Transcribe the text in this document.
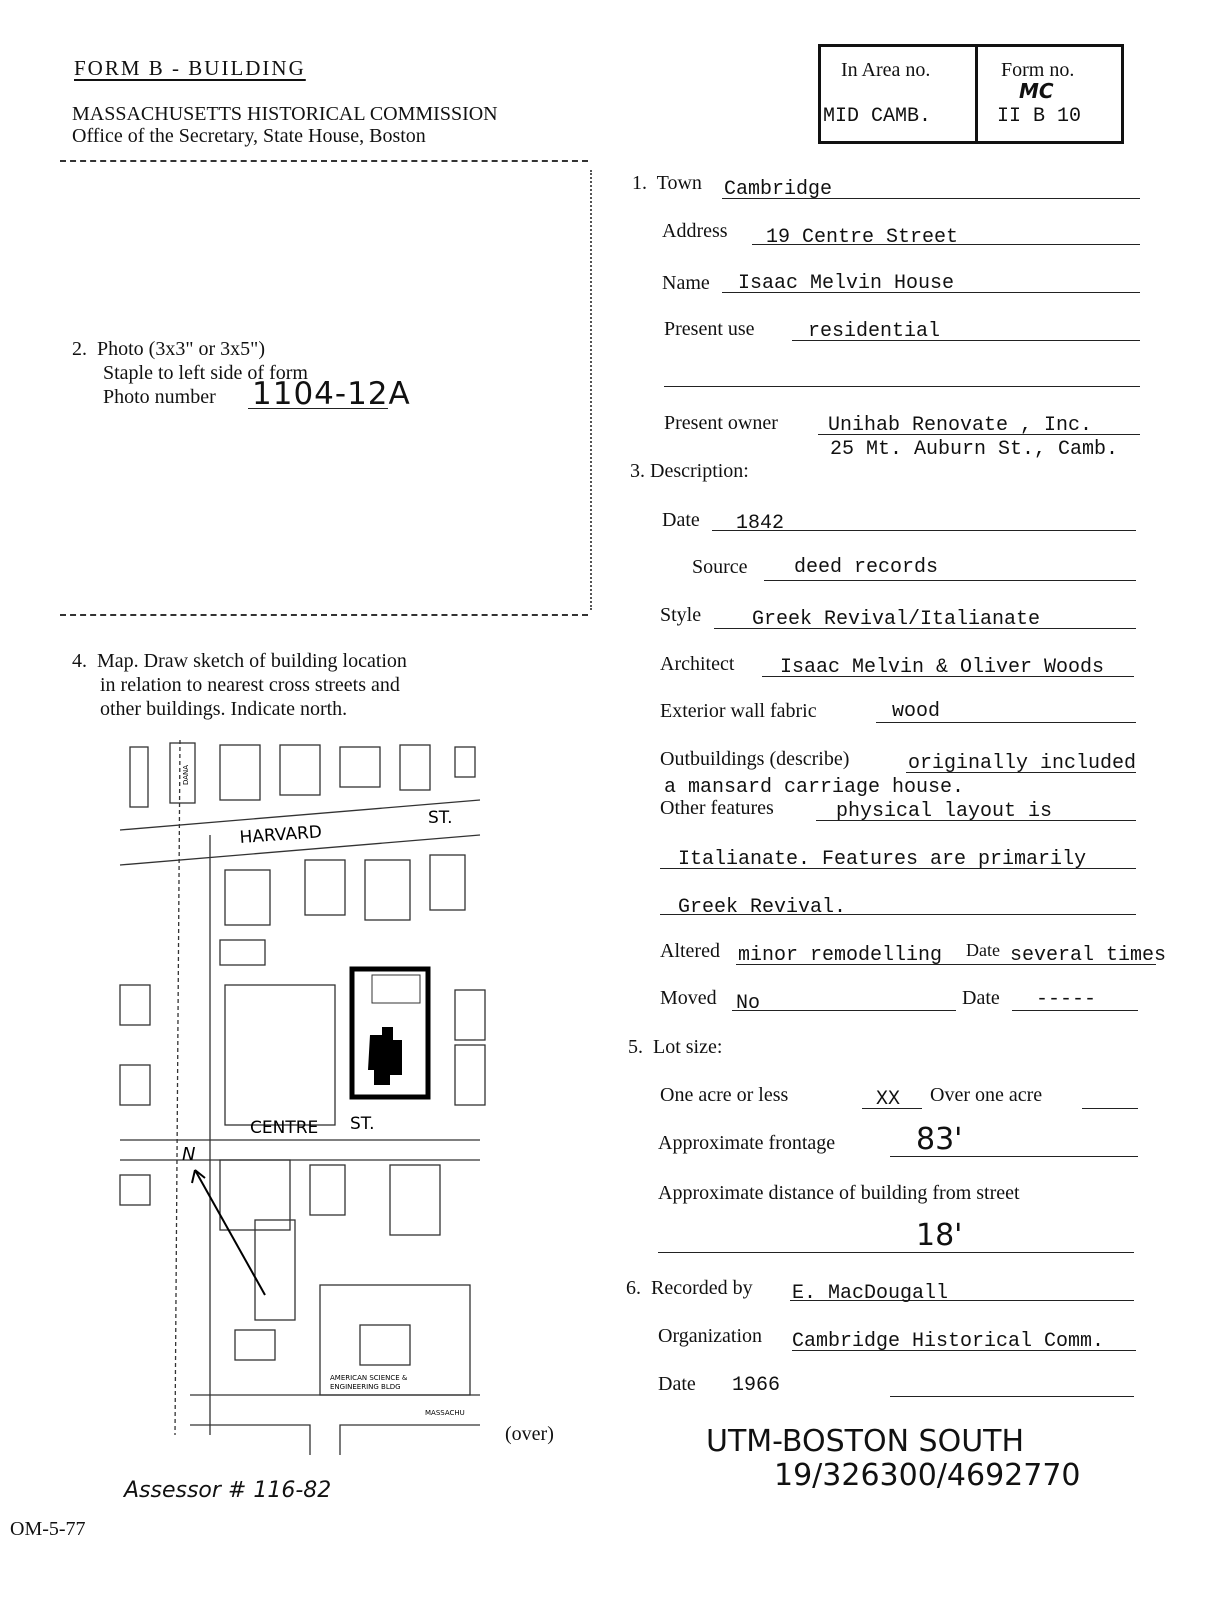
FORM B - BUILDING
MASSACHUSETTS HISTORICAL COMMISSION
Office of the Secretary, State House, Boston
In Area no.
MID CAMB.
Form no.
MC
II B 10
2. Photo (3x3" or 3x5")
Staple to left side of form
Photo number 1104-12A
4. Map. Draw sketch of building location
in relation to nearest cross streets and
other buildings. Indicate north.
N
HARVARD
ST.
CENTRE ST.
DANA
AMERICAN SCIENCE &
ENGINEERING BLDG
MASSACHU
(over)
Assessor # 116-82
OM-5-77
1. Town Cambridge
Address 19 Centre Street
Name Isaac Melvin House
Present use	residential
Present owner	Unihab Renovate , Inc.
25 Mt. Auburn St., Camb.
3. Description:
Date 1842
Source deed records
Style	Greek Revival/Italianate
Architect Isaac Melvin & Oliver Woods
Exterior wall fabric	wood
Outbuildings (describe)	originally included
a mansard carriage house.
Other features	physical layout is
Italianate. Features are primarily
Greek Revival.
Altered minor remodelling Date several times
Moved No	Date -----
5. Lot size:
One acre or less	XX Over one acre
Approximate frontage	83'
Approximate distance of building from street
18'
6. Recorded by E. MacDougall
Organization Cambridge Historical Comm.
Date 1966
UTM-BOSTON SOUTH
19/326300/4692770
